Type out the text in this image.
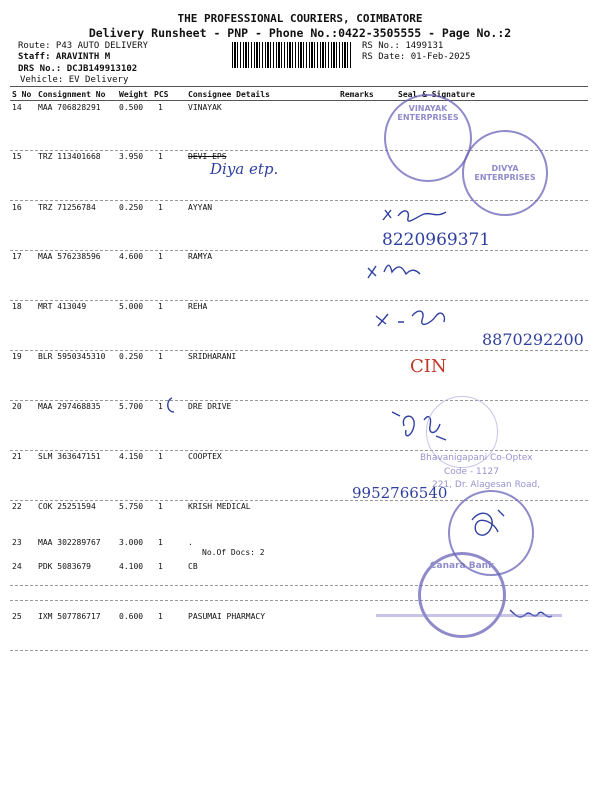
THE PROFESSIONAL COURIERS, COIMBATORE
Delivery Runsheet - PNP - Phone No.:0422-3505555 - Page No.:2
Route: P43 AUTO DELIVERY
Staff: ARAVINTH M
DRS No.: DCJB149913102
Vehicle: EV Delivery
RS No.: 1499131
RS Date: 01-Feb-2025
S No Consignment No Weight PCS Consignee Details	Remarks	Seal & Signature
14 MAA 706828291 0.500 1	VINAYAK
15 TRZ 113401668 3.950 1	DEVI EPS
16 TRZ 71256784	0.250 1	AYYAN
17 MAA 576238596 4.600 1	RAMYA
18 MRT 413049	5.000 1	REHA
19 BLR 5950345310 0.250 1	SRIDHARANI
20 MAA 297468835 5.700 1	DRE DRIVE
21 SLM 363647151 4.150 1	COOPTEX
22 COK 25251594	5.750 1	KRISH MEDICAL
23 MAA 302289767 3.000 1	.
24 PDK 5083679	4.100 1	CB
25 IXM 507786717 0.600 1	PASUMAI PHARMACY
No.Of Docs: 2
Diya etp.
8220969371
8870292200
9952766540
CIN
VINAYAK ENTERPRISES
DIVYA ENTERPRISES
Bhavanigapani Co-Optex
Code - 1127
221, Dr. Alagesan Road,
Canara Bank
